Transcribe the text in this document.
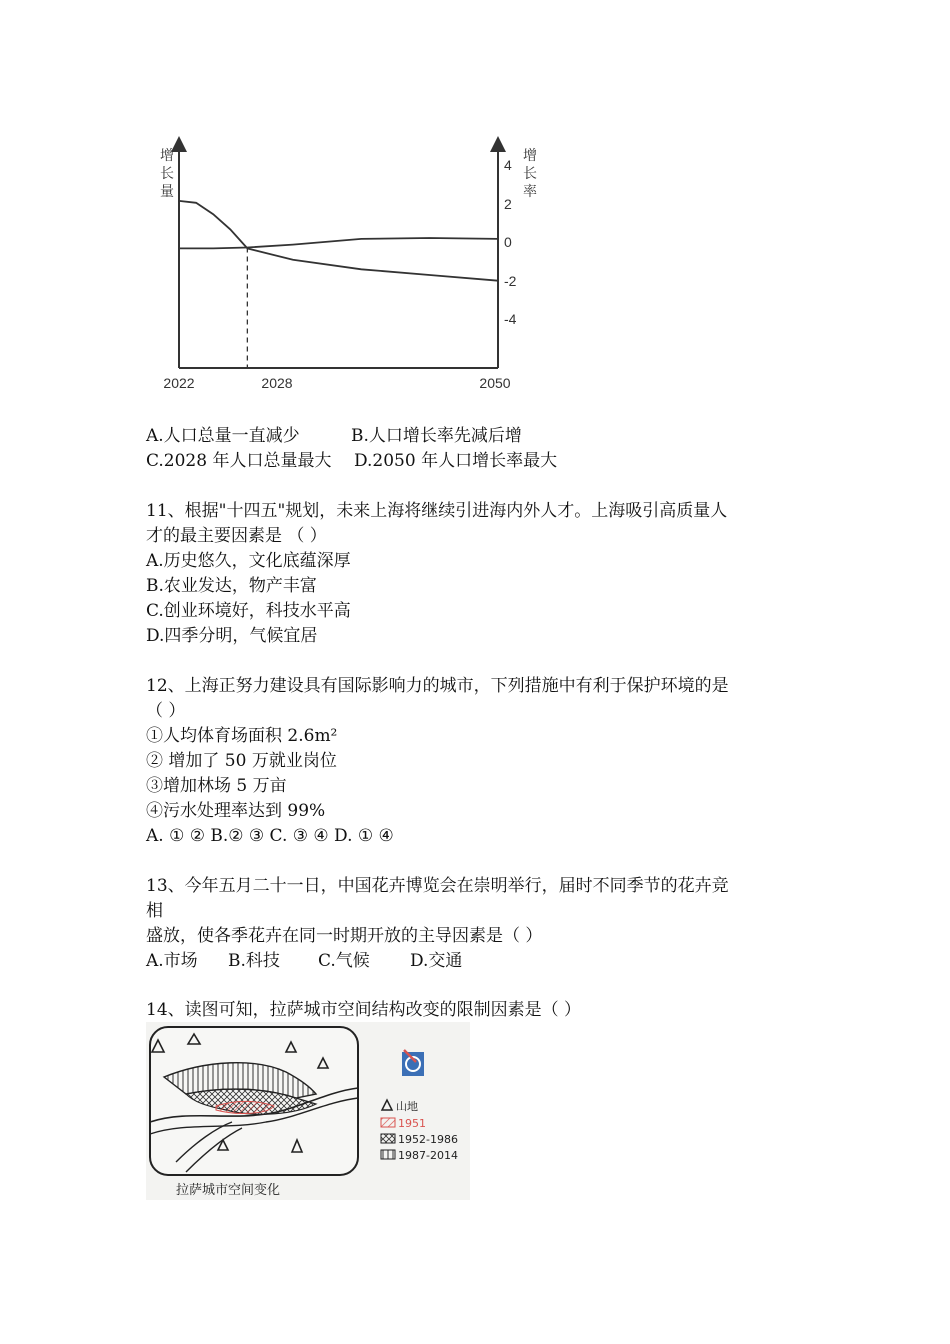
增
长
量
增
长
率
4
2
0
-2
-4
2022	2028	2050
A.人口总量一直减少	B.人口增长率先减后增
C.2028 年人口总量最大 D.2050 年人口增长率最大
11、根据"十四五"规划，未来上海将继续引进海内外人才。上海吸引高质量人
才的最主要因素是 （ ）
A.历史悠久，文化底蕴深厚
B.农业发达，物产丰富
C.创业环境好，科技水平高
D.四季分明，气候宜居
12、上海正努力建设具有国际影响力的城市，下列措施中有利于保护环境的是
（ ）
①人均体育场面积 2.6m²
② 增加了 50 万就业岗位
③增加林场 5 万亩
④污水处理率达到 99%
A. ① ② B.② ③ C. ③ ④ D. ① ④
13、今年五月二十一日，中国花卉博览会在崇明举行，届时不同季节的花卉竞
相
盛放，使各季花卉在同一时期开放的主导因素是（ ）
A.市场 B.科技 C.气候 D.交通
14、读图可知，拉萨城市空间结构改变的限制因素是（ ）
山地
1951
1952-1986
1987-2014
拉萨城市空间变化
